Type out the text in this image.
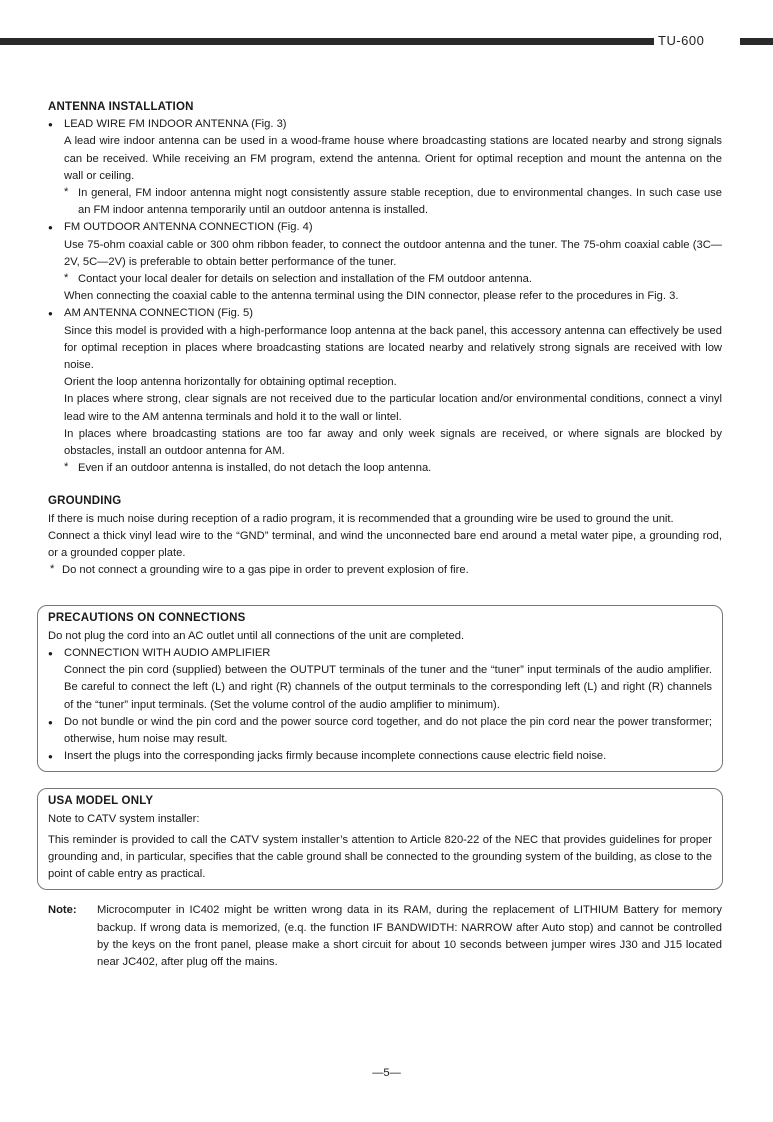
TU-600
ANTENNA INSTALLATION

● LEAD WIRE FM INDOOR ANTENNA (Fig. 3)

A lead wire indoor antenna can be used in a wood-frame house where broadcasting stations are located nearby and strong signals can be received. While receiving an FM program, extend the antenna. Orient for optimal reception and mount the antenna on the wall or ceiling.

* In general, FM indoor antenna might nogt consistently assure stable reception, due to environmental changes. In such case use an FM indoor antenna temporarily until an outdoor antenna is installed.

● FM OUTDOOR ANTENNA CONNECTION (Fig. 4)

Use 75-ohm coaxial cable or 300 ohm ribbon feader, to connect the outdoor antenna and the tuner. The 75-ohm coaxial cable (3C—2V, 5C—2V) is preferable to obtain better performance of the tuner.

* Contact your local dealer for details on selection and installation of the FM outdoor antenna.

When connecting the coaxial cable to the antenna terminal using the DIN connector, please refer to the procedures in Fig. 3.

● AM ANTENNA CONNECTION (Fig. 5)

Since this model is provided with a high-performance loop antenna at the back panel, this accessory antenna can effectively be used for optimal reception in places where broadcasting stations are located nearby and relatively strong signals are received with low noise.

Orient the loop antenna horizontally for obtaining optimal reception.

In places where strong, clear signals are not received due to the particular location and/or environmental conditions, connect a vinyl lead wire to the AM antenna terminals and hold it to the wall or lintel.

In places where broadcasting stations are too far away and only week signals are received, or where signals are blocked by obstacles, install an outdoor antenna for AM.

* Even if an outdoor antenna is installed, do not detach the loop antenna.

GROUNDING

If there is much noise during reception of a radio program, it is recommended that a grounding wire be used to ground the unit.

Connect a thick vinyl lead wire to the “GND” terminal, and wind the unconnected bare end around a metal water pipe, a grounding rod, or a grounded copper plate.

* Do not connect a grounding wire to a gas pipe in order to prevent explosion of fire.

PRECAUTIONS ON CONNECTIONS

Do not plug the cord into an AC outlet until all connections of the unit are completed.

● CONNECTION WITH AUDIO AMPLIFIER

Connect the pin cord (supplied) between the OUTPUT terminals of the tuner and the “tuner” input terminals of the audio amplifier. Be careful to connect the left (L) and right (R) channels of the output terminals to the corresponding left (L) and right (R) channels of the “tuner” input terminals. (Set the volume control of the audio amplifier to minimum).

● Do not bundle or wind the pin cord and the power source cord together, and do not place the pin cord near the power transformer; otherwise, hum noise may result.

● Insert the plugs into the corresponding jacks firmly because incomplete connections cause electric field noise.

USA MODEL ONLY

Note to CATV system installer:

This reminder is provided to call the CATV system installer’s attention to Article 820-22 of the NEC that provides guidelines for proper grounding and, in particular, specifies that the cable ground shall be connected to the grounding system of the building, as close to the point of cable entry as practical.

Note:	Microcomputer in IC402 might be written wrong data in its RAM, during the replacement of LITHIUM Battery for memory backup. If wrong data is memorized, (e.q. the function IF BANDWIDTH: NARROW after Auto stop) and cannot be controlled by the keys on the front panel, please make a short circuit for about 10 seconds between jumper wires J30 and J15 located near JC402, after plug off the mains.

—5—
